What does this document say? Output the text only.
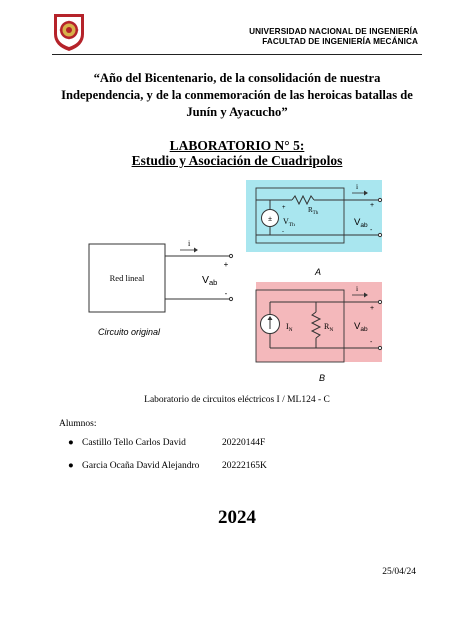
UNIVERSIDAD NACIONAL DE INGENIERÍA
FACULTAD DE INGENIERÍA MECÁNICA
“Año del Bicentenario, de la consolidación de nuestra
Independencia, y de la conmemoración de las heroicas batallas de
Junín y Ayacucho”
LABORATORIO N° 5:
Estudio y Asociación de Cuadripolos
Red lineal
i
+
-
Vab
Circuito original
± $V_{Th}$
$R_{Th}$
i
+
-
+
-
$V_{ab}$
A
$I_N$	$R_N$
i
+
-
$V_{ab}$
B
Laboratorio de circuitos eléctricos I / ML124 - C
Alumnos:
● Castillo Tello Carlos David	20220144F
● Garcia Ocaña David Alejandro 20222165K
2024
25/04/24
